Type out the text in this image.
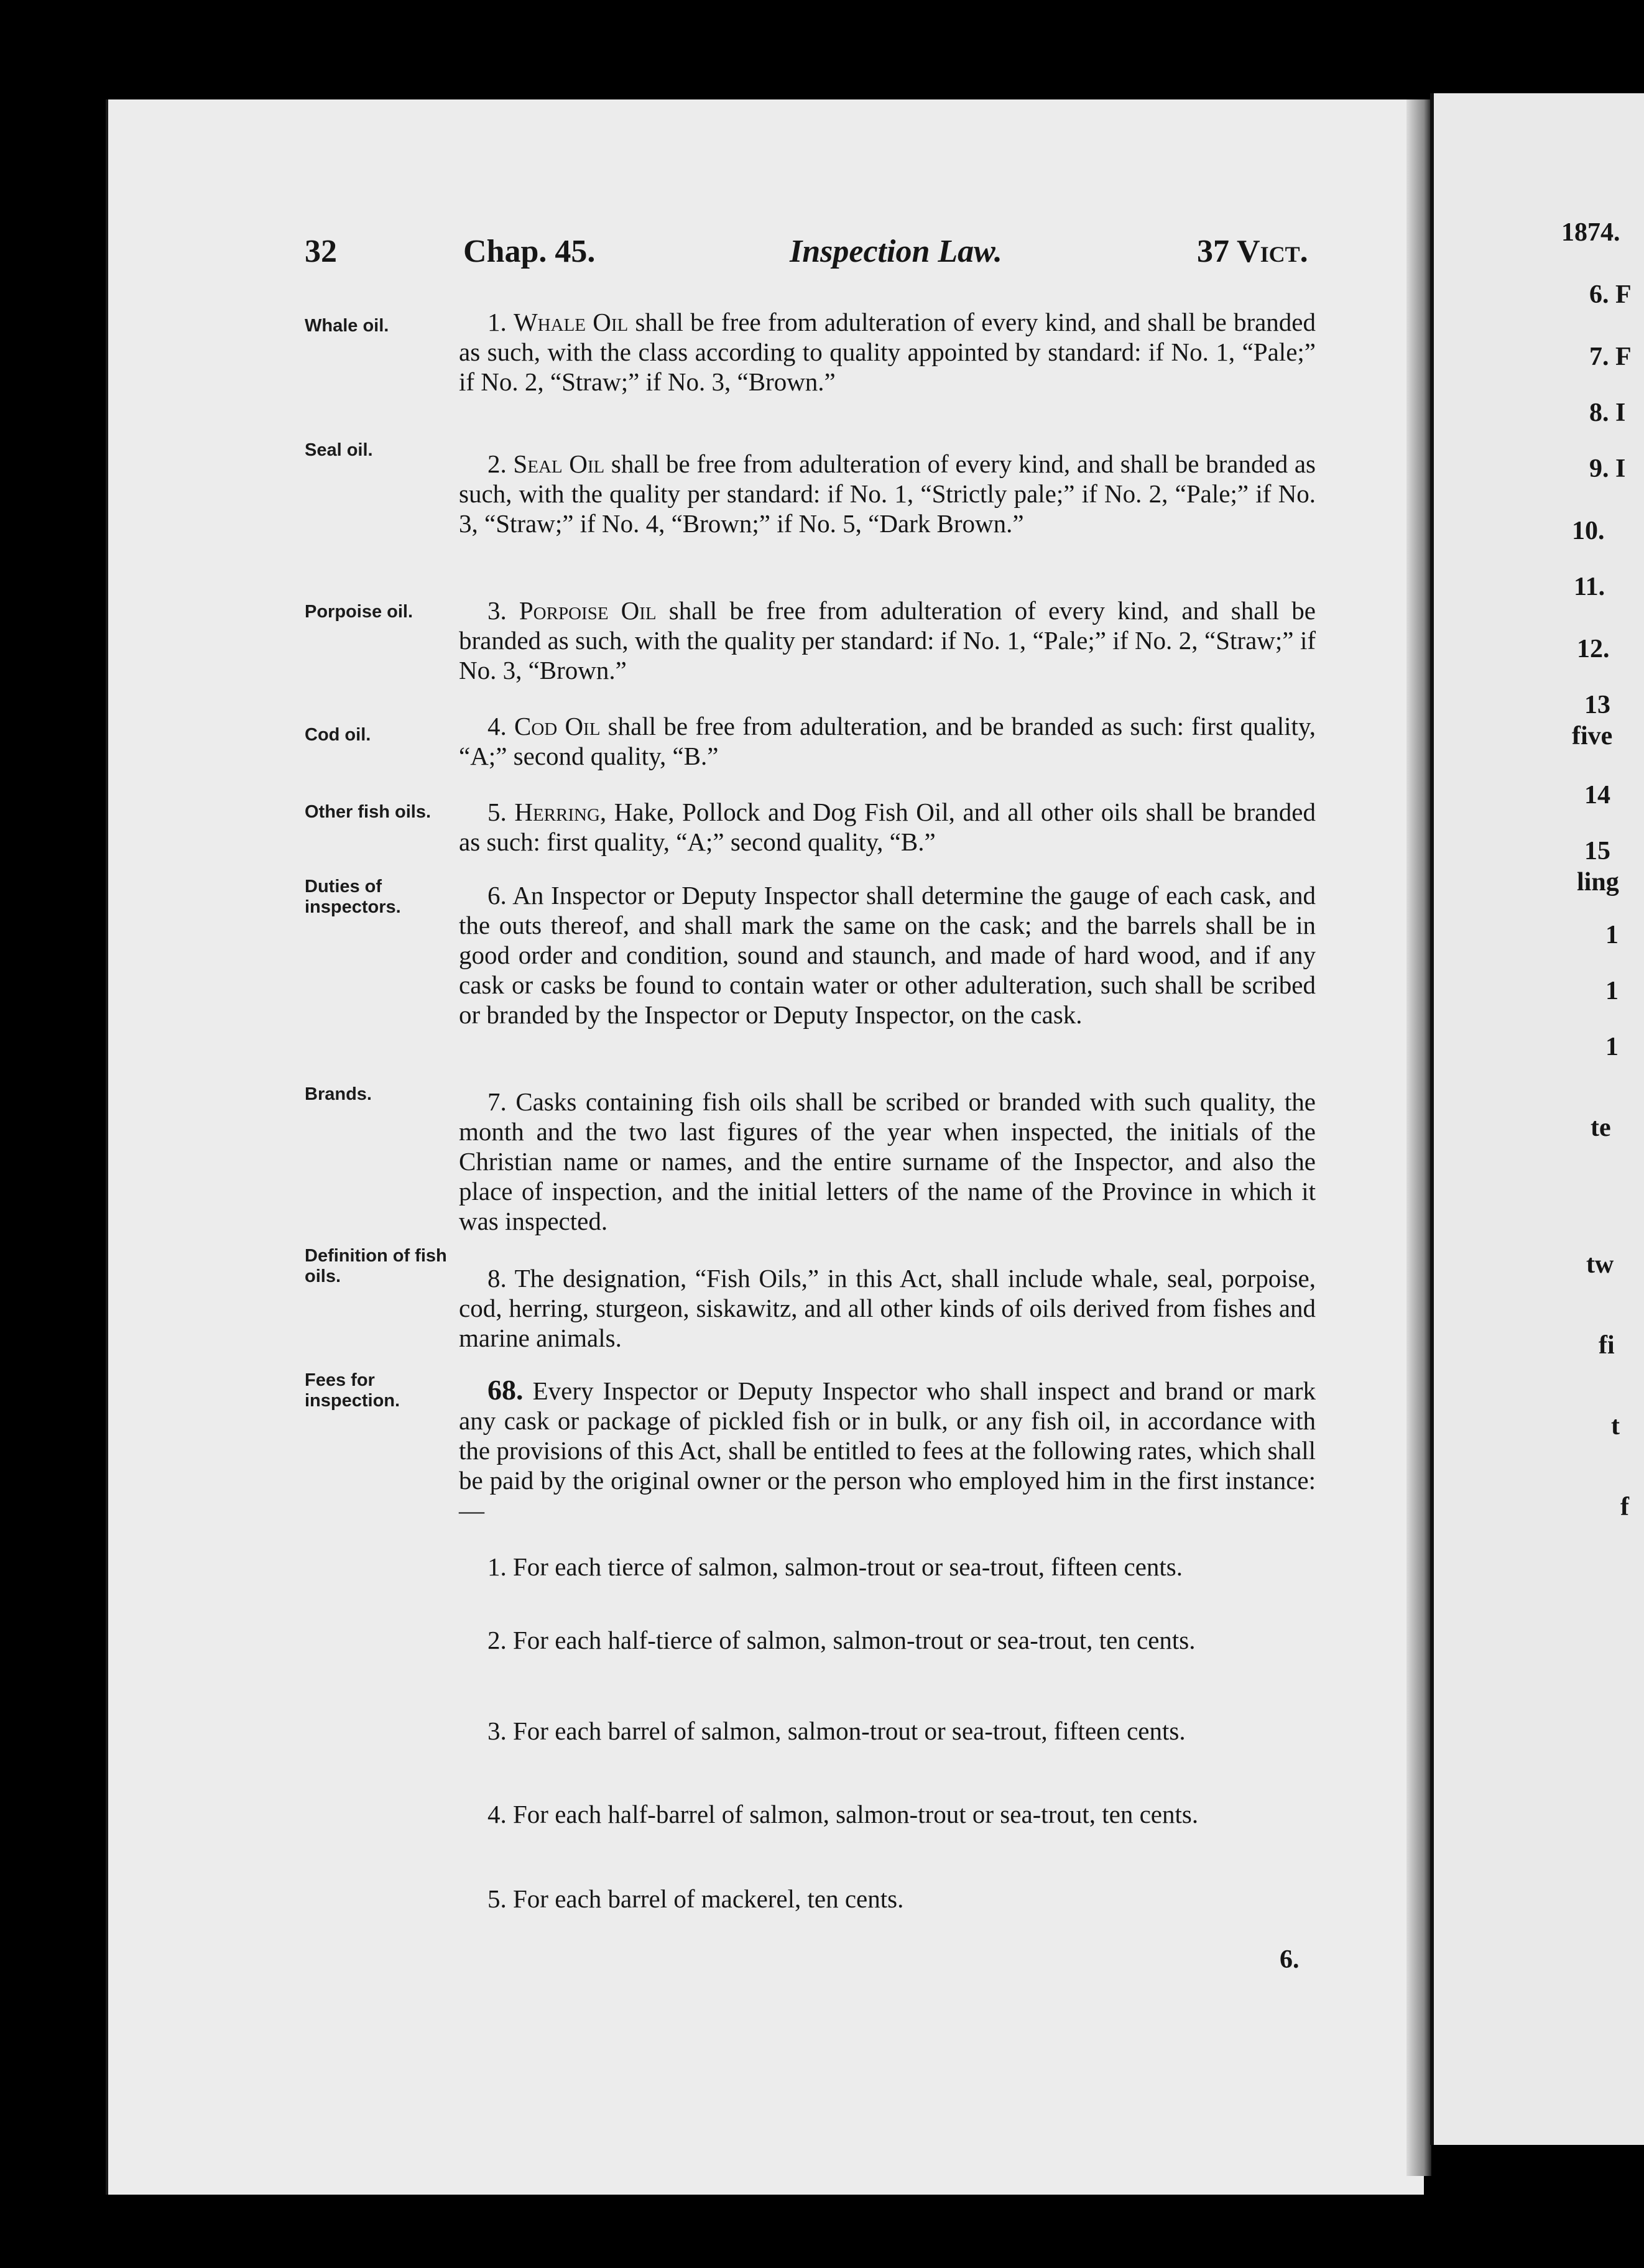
1874.
6. F
7. F
8. I
9. I
10.
11.
12.
13
five
14
15
ling
1
1
1
te
tw
fi
t
f
32	Chap. 45.	Inspection Law.	37 Vict.
Whale oil.	1. Whale Oil shall be free from adulteration of every kind, and shall be branded as such, with the class according to quality appointed by standard: if No. 1, “Pale;” if No. 2, “Straw;” if No. 3, “Brown.”
Seal oil.	2. Seal Oil shall be free from adulteration of every kind, and shall be branded as such, with the quality per standard: if No. 1, “Strictly pale;” if No. 2, “Pale;” if No. 3, “Straw;” if No. 4, “Brown;” if No. 5, “Dark Brown.”
Porpoise oil.	3. Porpoise Oil shall be free from adulteration of every kind, and shall be branded as such, with the quality per standard: if No. 1, “Pale;” if No. 2, “Straw;” if No. 3, “Brown.”
Cod oil.	4. Cod Oil shall be free from adulteration, and be branded as such: first quality, “A;” second quality, “B.”
Other fish oils.	5. Herring, Hake, Pollock and Dog Fish Oil, and all other oils shall be branded as such: first quality, “A;” second quality, “B.”
Duties of inspectors.	6. An Inspector or Deputy Inspector shall determine the gauge of each cask, and the outs thereof, and shall mark the same on the cask; and the barrels shall be in good order and condition, sound and staunch, and made of hard wood, and if any cask or casks be found to contain water or other adulteration, such shall be scribed or branded by the Inspector or Deputy Inspector, on the cask.
Brands.	7. Casks containing fish oils shall be scribed or branded with such quality, the month and the two last figures of the year when inspected, the initials of the Christian name or names, and the entire surname of the Inspector, and also the place of inspection, and the initial letters of the name of the Province in which it was inspected.
Definition of fish oils.	8. The designation, “Fish Oils,” in this Act, shall include whale, seal, porpoise, cod, herring, sturgeon, siskawitz, and all other kinds of oils derived from fishes and marine animals.
Fees for inspection.	68. Every Inspector or Deputy Inspector who shall inspect and brand or mark any cask or package of pickled fish or in bulk, or any fish oil, in accordance with the provisions of this Act, shall be entitled to fees at the following rates, which shall be paid by the original owner or the person who employed him in the first instance:—
1. For each tierce of salmon, salmon-trout or sea-trout, fifteen cents.
2. For each half-tierce of salmon, salmon-trout or sea-trout, ten cents.
3. For each barrel of salmon, salmon-trout or sea-trout, fifteen cents.
4. For each half-barrel of salmon, salmon-trout or sea-trout, ten cents.
5. For each barrel of mackerel, ten cents.
6.
